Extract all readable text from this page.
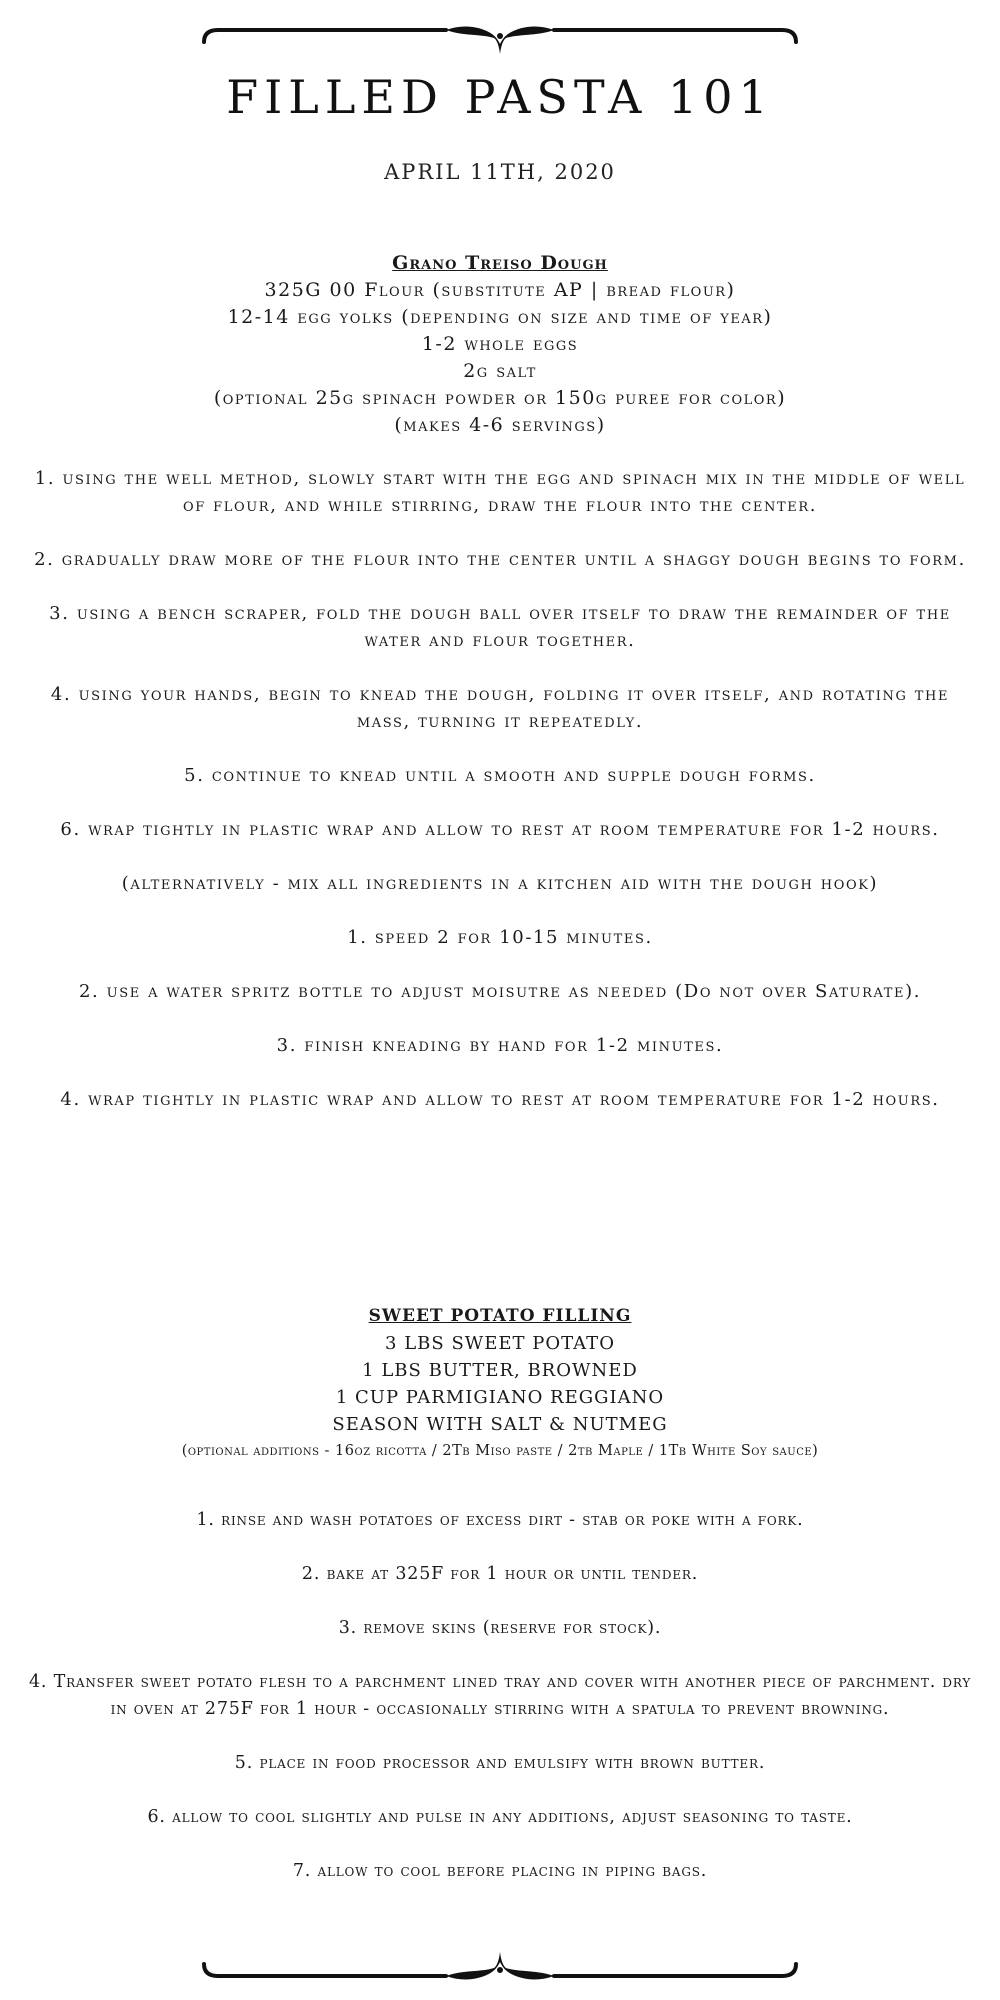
FILLED PASTA 101
APRIL 11TH, 2020
Grano Treiso Dough
325G 00 Flour (substitute AP | bread flour)
12-14 egg yolks (depending on size and time of year)
1-2 whole eggs
2g salt
(optional 25g spinach powder or 150g puree for color)
(makes 4-6 servings)

1. using the well method, slowly start with the egg and spinach mix in the middle of well of flour, and while stirring, draw the flour into the center.

2. gradually draw more of the flour into the center until a shaggy dough begins to form.

3. using a bench scraper, fold the dough ball over itself to draw the remainder of the water and flour together.

4. using your hands, begin to knead the dough, folding it over itself, and rotating the mass, turning it repeatedly.

5. continue to knead until a smooth and supple dough forms.

6. wrap tightly in plastic wrap and allow to rest at room temperature for 1-2 hours.

(alternatively - mix all ingredients in a kitchen aid with the dough hook)

1. speed 2 for 10-15 minutes.

2. use a water spritz bottle to adjust moisutre as needed (Do not over Saturate).

3. finish kneading by hand for 1-2 minutes.

4. wrap tightly in plastic wrap and allow to rest at room temperature for 1-2 hours.

SWEET POTATO FILLING
3 LBS SWEET POTATO
1 LBS BUTTER, BROWNED
1 CUP PARMIGIANO REGGIANO
SEASON WITH SALT & NUTMEG
(optional additions - 16oz ricotta / 2Tb Miso paste / 2tb Maple / 1Tb White Soy sauce)

1. rinse and wash potatoes of excess dirt - stab or poke with a fork.

2. bake at 325F for 1 hour or until tender.

3. remove skins (reserve for stock).

4. Transfer sweet potato flesh to a parchment lined tray and cover with another piece of parchment. dry in oven at 275F for 1 hour - occasionally stirring with a spatula to prevent browning.

5. place in food processor and emulsify with brown butter.

6. allow to cool slightly and pulse in any additions, adjust seasoning to taste.

7. allow to cool before placing in piping bags.
